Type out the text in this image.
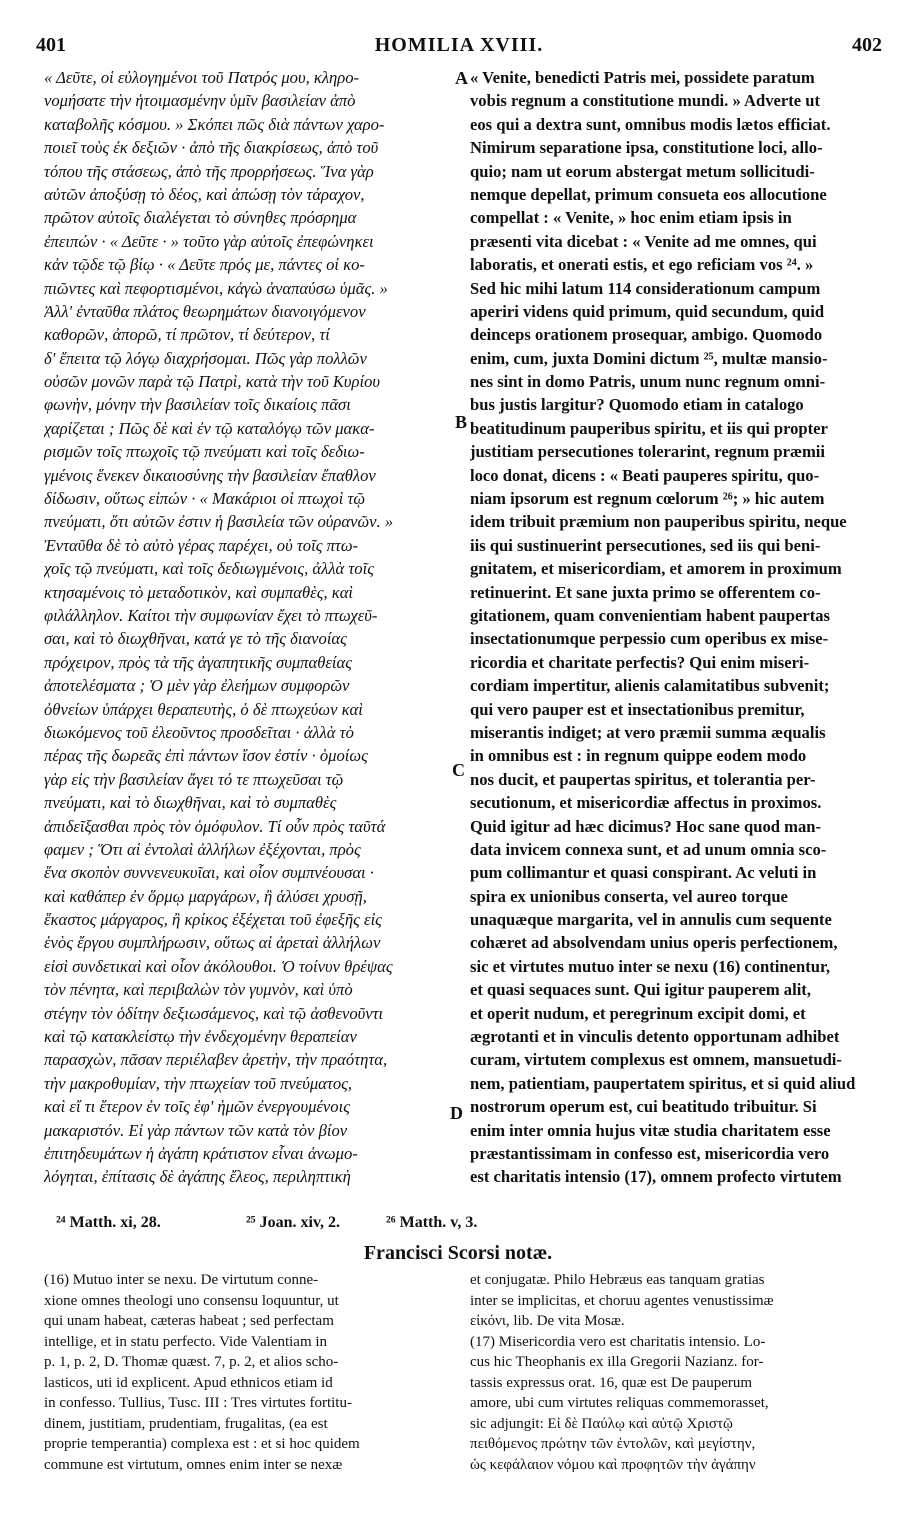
401	HOMILIA XVIII.	402
« Δεῦτε, οἱ εὐλογημένοι τοῦ Πατρός μου, κληρο-
νομήσατε τὴν ἡτοιμασμένην ὑμῖν βασιλείαν ἀπὸ
καταβολῆς κόσμου. » Σκόπει πῶς διὰ πάντων χαρο-
ποιεῖ τοὺς ἐκ δεξιῶν · ἀπὸ τῆς διακρίσεως, ἀπὸ τοῦ
τόπου τῆς στάσεως, ἀπὸ τῆς προρρήσεως. Ἵνα γὰρ
αὐτῶν ἀποξύσῃ τὸ δέος, καὶ ἀπώσῃ τὸν τάραχον,
πρῶτον αὐτοῖς διαλέγεται τὸ σύνηθες πρόσρημα
ἐπειπών · « Δεῦτε · » τοῦτο γὰρ αὐτοῖς ἐπεφώνηκει
κἀν τῷδε τῷ βίῳ · « Δεῦτε πρός με, πάντες οἱ κο-
πιῶντες καὶ πεφορτισμένοι, κἀγὼ ἀναπαύσω ὑμᾶς. »
Ἀλλ' ἐνταῦθα πλάτος θεωρημάτων διανοιγόμενον
καθορῶν, ἀπορῶ, τί πρῶτον, τί δεύτερον, τί
δ' ἔπειτα τῷ λόγῳ διαχρήσομαι. Πῶς γὰρ πολλῶν
οὐσῶν μονῶν παρὰ τῷ Πατρὶ, κατὰ τὴν τοῦ Κυρίου
φωνὴν, μόνην τὴν βασιλείαν τοῖς δικαίοις πᾶσι
χαρίζεται ; Πῶς δὲ καὶ ἐν τῷ καταλόγῳ τῶν μακα-
ρισμῶν τοῖς πτωχοῖς τῷ πνεύματι καὶ τοῖς δεδιω-
γμένοις ἕνεκεν δικαιοσύνης τὴν βασιλείαν ἔπαθλον
δίδωσιν, οὕτως εἰπών · « Μακάριοι οἱ πτωχοὶ τῷ
πνεύματι, ὅτι αὐτῶν ἐστιν ἡ βασιλεία τῶν οὐρανῶν. »
Ἐνταῦθα δὲ τὸ αὐτὸ γέρας παρέχει, οὐ τοῖς πτω-
χοῖς τῷ πνεύματι, καὶ τοῖς δεδιωγμένοις, ἀλλὰ τοῖς
κτησαμένοις τὸ μεταδοτικὸν, καὶ συμπαθὲς, καὶ
φιλάλληλον. Καίτοι τὴν συμφωνίαν ἔχει τὸ πτωχεῦ-
σαι, καὶ τὸ διωχθῆναι, κατά γε τὸ τῆς διανοίας
πρόχειρον, πρὸς τὰ τῆς ἀγαπητικῆς συμπαθείας
ἀποτελέσματα ; Ὁ μὲν γὰρ ἐλεήμων συμφορῶν
ὀθνείων ὑπάρχει θεραπευτὴς, ὁ δὲ πτωχεύων καὶ
διωκόμενος τοῦ ἐλεοῦντος προσδεῖται · ἀλλὰ τὸ
πέρας τῆς δωρεᾶς ἐπὶ πάντων ἴσον ἐστίν · ὁμοίως
γὰρ εἰς τὴν βασιλείαν ἄγει τό τε πτωχεῦσαι τῷ
πνεύματι, καὶ τὸ διωχθῆναι, καὶ τὸ συμπαθὲς
ἀπιδεῖξασθαι πρὸς τὸν ὁμόφυλον. Τί οὖν πρὸς ταῦτά
φαμεν ; Ὅτι αἱ ἐντολαὶ ἀλλήλων ἐξέχονται, πρὸς
ἕνα σκοπὸν συννενευκυῖαι, καὶ οἷον συμπνέουσαι ·
καὶ καθάπερ ἐν ὅρμῳ μαργάρων, ἢ ἁλύσει χρυσῇ,
ἕκαστος μάργαρος, ἢ κρίκος ἐξέχεται τοῦ ἐφεξῆς εἰς
ἑνὸς ἔργου συμπλήρωσιν, οὕτως αἱ ἀρεταὶ ἀλλήλων
εἰσὶ συνδετικαὶ καὶ οἷον ἀκόλουθοι. Ὁ τοίνυν θρέψας
τὸν πένητα, καὶ περιβαλὼν τὸν γυμνὸν, καὶ ὑπὸ
στέγην τὸν ὁδίτην δεξιωσάμενος, καὶ τῷ ἀσθενοῦντι
καὶ τῷ κατακλείστῳ τὴν ἐνδεχομένην θεραπείαν
παρασχὼν, πᾶσαν περιέλαβεν ἀρετὴν, τὴν πραότητα,
τὴν μακροθυμίαν, τὴν πτωχείαν τοῦ πνεύματος,
καὶ εἴ τι ἕτερον ἐν τοῖς ἐφ' ἡμῶν ἐνεργουμένοις
μακαριστόν. Εἰ γὰρ πάντων τῶν κατὰ τὸν βίον
ἐπιτηδευμάτων ἡ ἀγάπη κράτιστον εἶναι ἀνωμο-
λόγηται, ἐπίτασις δὲ ἀγάπης ἔλεος, περιληπτικὴ
« Venite, benedicti Patris mei, possidete paratum
vobis regnum a constitutione mundi. » Adverte ut
eos qui a dextra sunt, omnibus modis lætos efficiat.
Nimirum separatione ipsa, constitutione loci, allo-
quio; nam ut eorum abstergat metum sollicitudi-
nemque depellat, primum consueta eos allocutione
compellat : « Venite, » hoc enim etiam ipsis in
præsenti vita dicebat : « Venite ad me omnes, qui
laboratis, et onerati estis, et ego reficiam vos ²⁴. »
Sed hic mihi latum 114 considerationum campum
aperiri videns quid primum, quid secundum, quid
deinceps orationem prosequar, ambigo. Quomodo
enim, cum, juxta Domini dictum ²⁵, multæ mansio-
nes sint in domo Patris, unum nunc regnum omni-
bus justis largitur? Quomodo etiam in catalogo
beatitudinum pauperibus spiritu, et iis qui propter
justitiam persecutiones tolerarint, regnum præmii
loco donat, dicens : « Beati pauperes spiritu, quo-
niam ipsorum est regnum cœlorum ²⁶; » hic autem
idem tribuit præmium non pauperibus spiritu, neque
iis qui sustinuerint persecutiones, sed iis qui beni-
gnitatem, et misericordiam, et amorem in proximum
retinuerint. Et sane juxta primo se offerentem co-
gitationem, quam convenientiam habent paupertas
insectationumque perpessio cum operibus ex mise-
ricordia et charitate perfectis? Qui enim miseri-
cordiam impertitur, alienis calamitatibus subvenit;
qui vero pauper est et insectationibus premitur,
miserantis indiget; at vero præmii summa æqualis
in omnibus est : in regnum quippe eodem modo
nos ducit, et paupertas spiritus, et tolerantia per-
secutionum, et misericordiæ affectus in proximos.
Quid igitur ad hæc dicimus? Hoc sane quod man-
data invicem connexa sunt, et ad unum omnia sco-
pum collimantur et quasi conspirant. Ac veluti in
spira ex unionibus conserta, vel aureo torque
unaquæque margarita, vel in annulis cum sequente
cohæret ad absolvendam unius operis perfectionem,
sic et virtutes mutuo inter se nexu (16) continentur,
et quasi sequaces sunt. Qui igitur pauperem alit,
et operit nudum, et peregrinum excipit domi, et
ægrotanti et in vinculis detento opportunam adhibet
curam, virtutem complexus est omnem, mansuetudi-
nem, patientiam, paupertatem spiritus, et si quid aliud
nostrorum operum est, cui beatitudo tribuitur. Si
enim inter omnia hujus vitæ studia charitatem esse
præstantissimam in confesso est, misericordia vero
est charitatis intensio (17), omnem profecto virtutem
A
B
C
D
²⁴ Matth. xi, 28.	²⁵ Joan. xiv, 2.	²⁶ Matth. v, 3.
Francisci Scorsi notæ.
(16) Mutuo inter se nexu. De virtutum conne-
xione omnes theologi uno consensu loquuntur, ut
qui unam habeat, cæteras habeat ; sed perfectam
intellige, et in statu perfecto. Vide Valentiam in
p. 1, p. 2, D. Thomæ quæst. 7, p. 2, et alios scho-
lasticos, uti id explicent. Apud ethnicos etiam id
in confesso. Tullius, Tusc. III : Tres virtutes fortitu-
dinem, justitiam, prudentiam, frugalitas, (ea est
proprie temperantia) complexa est : et si hoc quidem
commune est virtutum, omnes enim inter se nexæ
et conjugatæ. Philo Hebræus eas tanquam gratias
inter se implicitas, et choruu agentes venustissimæ
εἰκόνι, lib. De vita Mosæ.
(17) Misericordia vero est charitatis intensio. Lo-
cus hic Theophanis ex illa Gregorii Nazianz. for-
tassis expressus orat. 16, quæ est De pauperum
amore, ubi cum virtutes reliquas commemorasset,
sic adjungit: Εἰ δὲ Παύλῳ καὶ αὐτῷ Χριστῷ
πειθόμενος πρώτην τῶν ἐντολῶν, καὶ μεγίστην,
ὡς κεφάλαιον νόμου καὶ προφητῶν τὴν ἀγάπην
